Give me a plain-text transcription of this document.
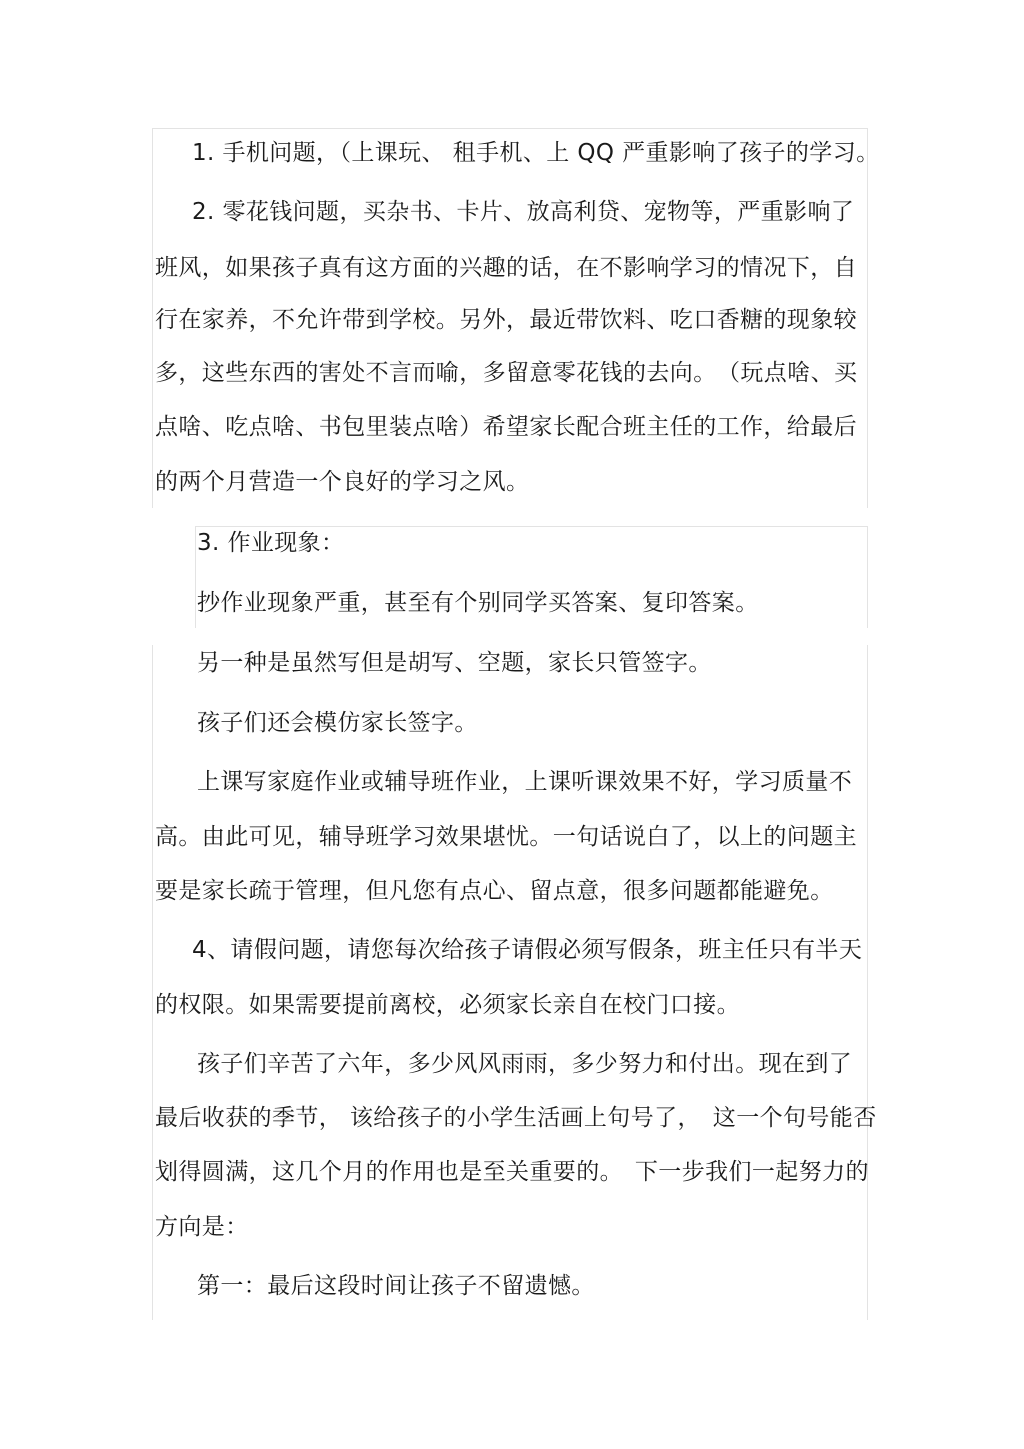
1. 手机问题，（上课玩、 租手机、上 QQ 严重影响了孩子的学习。
2. 零花钱问题，买杂书、卡片、放高利贷、宠物等，严重影响了
班风，如果孩子真有这方面的兴趣的话，在不影响学习的情况下，自
行在家养，不允许带到学校。另外，最近带饮料、吃口香糖的现象较
多，这些东西的害处不言而喻，多留意零花钱的去向。　（玩点啥、买
点啥、吃点啥、书包里装点啥）希望家长配合班主任的工作，给最后
的两个月营造一个良好的学习之风。
3. 作业现象：
抄作业现象严重，甚至有个别同学买答案、复印答案。
另一种是虽然写但是胡写、空题，家长只管签字。
孩子们还会模仿家长签字。
上课写家庭作业或辅导班作业，上课听课效果不好，学习质量不
高。由此可见，辅导班学习效果堪忧。一句话说白了，以上的问题主
要是家长疏于管理，但凡您有点心、留点意，很多问题都能避免。
4、请假问题，请您每次给孩子请假必须写假条，班主任只有半天
的权限。如果需要提前离校，必须家长亲自在校门口接。
孩子们辛苦了六年，多少风风雨雨，多少努力和付出。现在到了
最后收获的季节， 该给孩子的小学生活画上句号了，　这一个句号能否
划得圆满，这几个月的作用也是至关重要的。　下一步我们一起努力的
方向是：
第一：最后这段时间让孩子不留遗憾。
